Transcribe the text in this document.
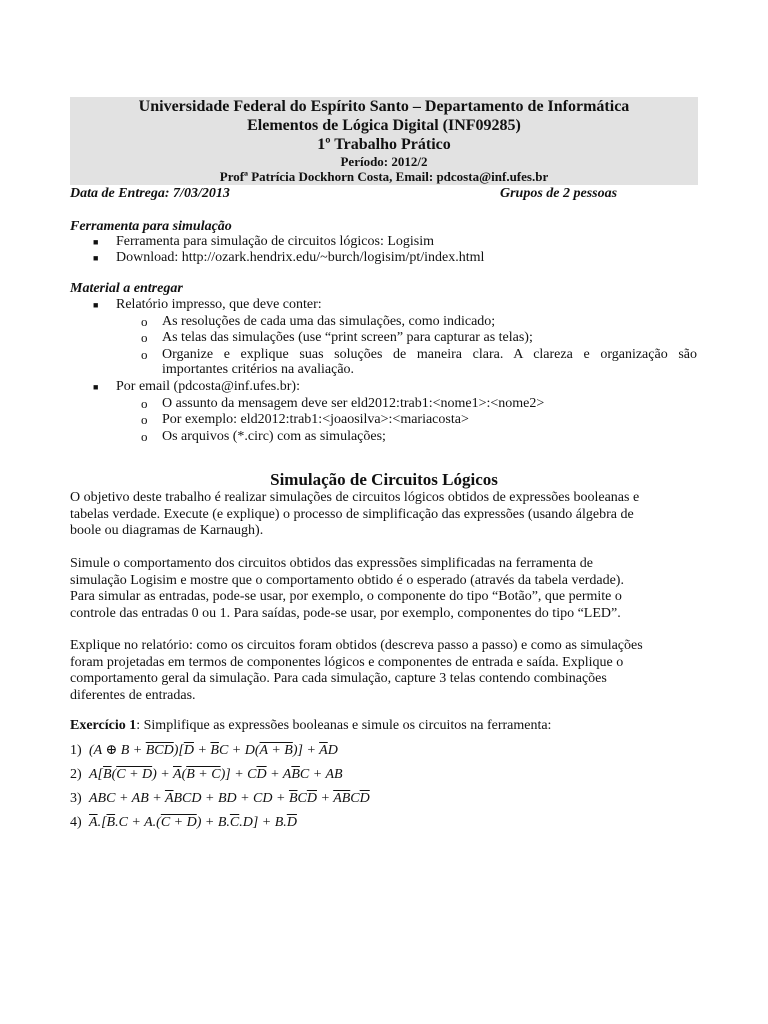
Universidade Federal do Espírito Santo – Departamento de Informática
Elementos de Lógica Digital (INF09285)
1º Trabalho Prático
Período: 2012/2
Profª Patrícia Dockhorn Costa, Email: pdcosta@inf.ufes.br
Data de Entrega: 7/03/2013	Grupos de 2 pessoas
Ferramenta para simulação
■ Ferramenta para simulação de circuitos lógicos: Logisim
■ Download: http://ozark.hendrix.edu/~burch/logisim/pt/index.html
Material a entregar
■ Relatório impresso, que deve conter:
o As resoluções de cada uma das simulações, como indicado;
o As telas das simulações (use “print screen” para capturar as telas);
o Organize e explique suas soluções de maneira clara. A clareza e organização são
importantes critérios na avaliação.
■ Por email (pdcosta@inf.ufes.br):
o O assunto da mensagem deve ser eld2012:trab1:<nome1>:<nome2>
o Por exemplo: eld2012:trab1:<joaosilva>:<mariacosta>
o Os arquivos (*.circ) com as simulações;
Simulação de Circuitos Lógicos
O objetivo deste trabalho é realizar simulações de circuitos lógicos obtidos de expressões booleanas e
tabelas verdade. Execute (e explique) o processo de simplificação das expressões (usando álgebra de
boole ou diagramas de Karnaugh).
Simule o comportamento dos circuitos obtidos das expressões simplificadas na ferramenta de
simulação Logisim e mostre que o comportamento obtido é o esperado (através da tabela verdade).
Para simular as entradas, pode-se usar, por exemplo, o componente do tipo “Botão”, que permite o
controle das entradas 0 ou 1. Para saídas, pode-se usar, por exemplo, componentes do tipo “LED”.
Explique no relatório: como os circuitos foram obtidos (descreva passo a passo) e como as simulações
foram projetadas em termos de componentes lógicos e componentes de entrada e saída. Explique o
comportamento geral da simulação. Para cada simulação, capture 3 telas contendo combinações
diferentes de entradas.
Exercício 1: Simplifique as expressões booleanas e simule os circuitos na ferramenta:
1) (A ⊕ $B + \overline{BCD})[\overline{D} + \overline{B}C + D(A + B)] + \overline{A}D$
2) $A[\overline{B}(C + D) + \overline{A}(B + C)] + C\overline{D} + A\overline{B}C$ + AB
3) ABC + AB + $\overline{A}BCD$ + BD + CD + $\overline{B}C\overline{D} + \overline{AB}C\overline{D}$
4) $\overline{A}.[\overline{B}.C + A.(C + D) + B.\overline{C}.D] + B.\overline{D}$
